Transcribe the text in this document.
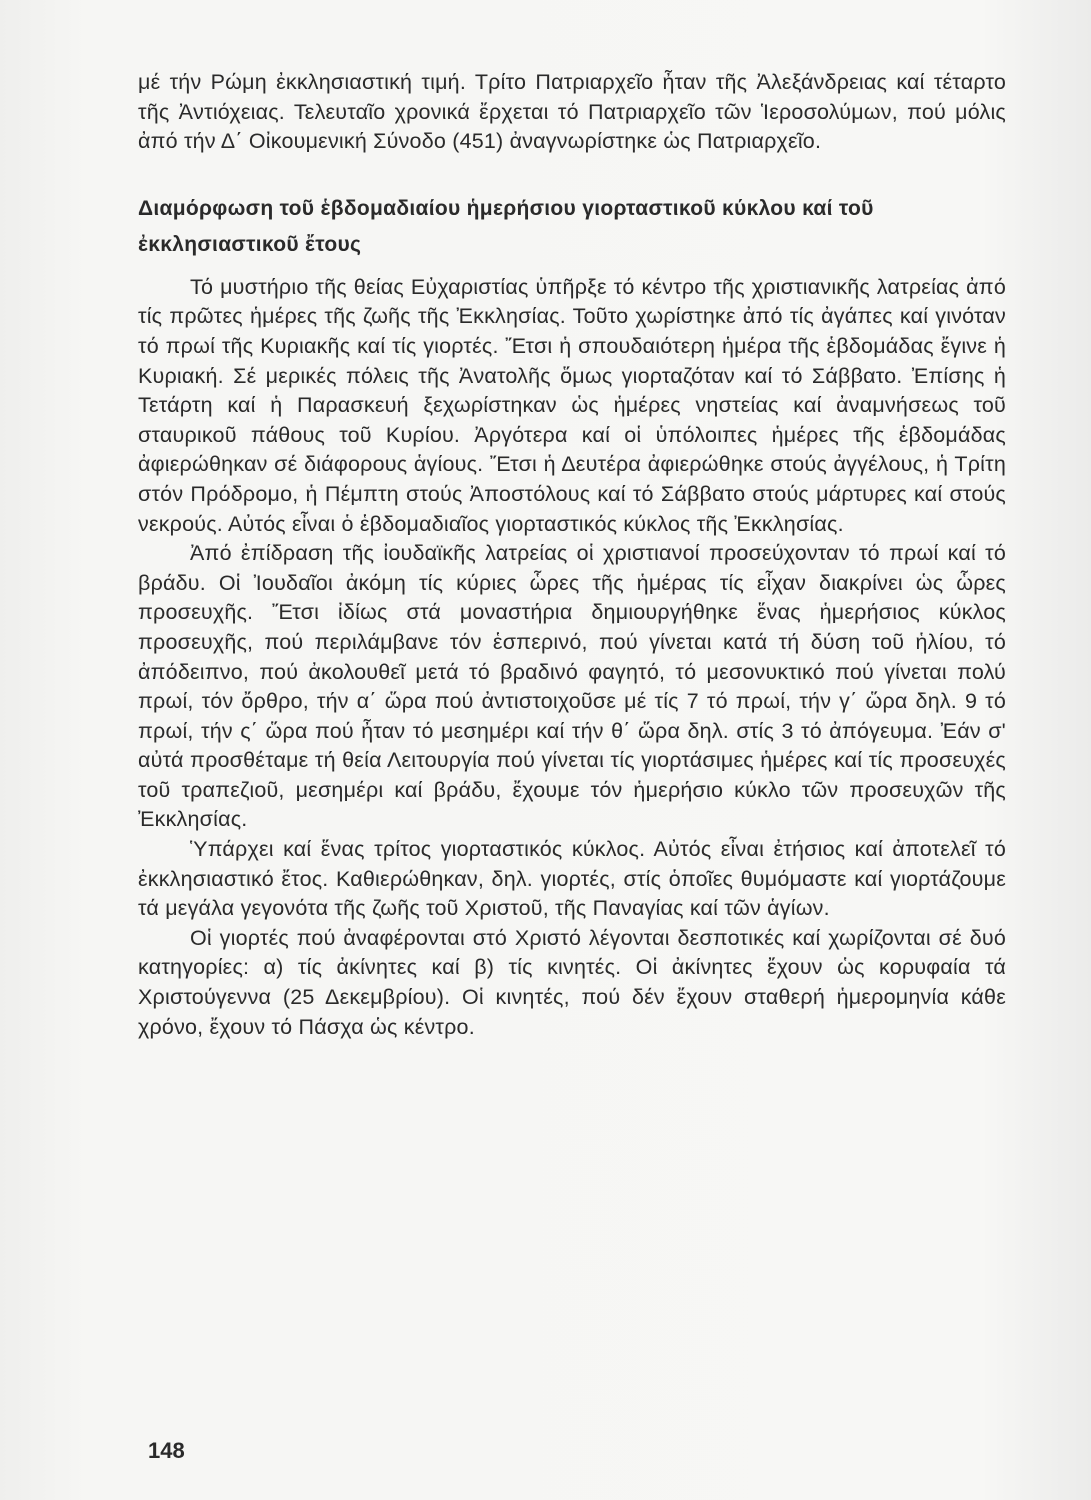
μέ τήν Ρώμη ἐκκλησιαστική τιμή. Τρίτο Πατριαρχεῖο ἦταν τῆς Ἀλεξάνδρειας καί τέταρτο τῆς Ἀντιόχειας. Τελευταῖο χρονικά ἔρχεται τό Πατριαρχεῖο τῶν Ἱεροσολύμων, πού μόλις ἀπό τήν Δ΄ Οἰκουμενική Σύνοδο (451) ἀναγνωρίστηκε ὡς Πατριαρχεῖο.

Διαμόρφωση τοῦ ἑβδομαδιαίου ἡμερήσιου γιορταστικοῦ κύκλου καί τοῦ ἐκκλησιαστικοῦ ἔτους

Τό μυστήριο τῆς θείας Εὐχαριστίας ὑπῆρξε τό κέντρο τῆς χριστιανικῆς λατρείας ἀπό τίς πρῶτες ἡμέρες τῆς ζωῆς τῆς Ἐκκλησίας. Τοῦτο χωρίστηκε ἀπό τίς ἀγάπες καί γινόταν τό πρωί τῆς Κυριακῆς καί τίς γιορτές. Ἔτσι ἡ σπουδαιότερη ἡμέρα τῆς ἑβδομάδας ἔγινε ἡ Κυριακή. Σέ μερικές πόλεις τῆς Ἀνατολῆς ὅμως γιορταζόταν καί τό Σάββατο. Ἐπίσης ἡ Τετάρτη καί ἡ Παρασκευή ξεχωρίστηκαν ὡς ἡμέρες νηστείας καί ἀναμνήσεως τοῦ σταυρικοῦ πάθους τοῦ Κυρίου. Ἀργότερα καί οἱ ὑπόλοιπες ἡμέρες τῆς ἑβδομάδας ἀφιερώθηκαν σέ διάφορους ἁγίους. Ἔτσι ἡ Δευτέρα ἀφιερώθηκε στούς ἀγγέλους, ἡ Τρίτη στόν Πρόδρομο, ἡ Πέμπτη στούς Ἀποστόλους καί τό Σάββατο στούς μάρτυρες καί στούς νεκρούς. Αὐτός εἶναι ὁ ἑβδομαδιαῖος γιορταστικός κύκλος τῆς Ἐκκλησίας.

Ἀπό ἐπίδραση τῆς ἰουδαϊκῆς λατρείας οἱ χριστιανοί προσεύχονταν τό πρωί καί τό βράδυ. Οἱ Ἰουδαῖοι ἀκόμη τίς κύριες ὧρες τῆς ἡμέρας τίς εἶχαν διακρίνει ὡς ὧρες προσευχῆς. Ἔτσι ἰδίως στά μοναστήρια δημιουργήθηκε ἕνας ἡμερήσιος κύκλος προσευχῆς, πού περιλάμβανε τόν ἑσπερινό, πού γίνεται κατά τή δύση τοῦ ἡλίου, τό ἀπόδειπνο, πού ἀκολουθεῖ μετά τό βραδινό φαγητό, τό μεσονυκτικό πού γίνεται πολύ πρωί, τόν ὄρθρο, τήν α΄ ὥρα πού ἀντιστοιχοῦσε μέ τίς 7 τό πρωί, τήν γ΄ ὥρα δηλ. 9 τό πρωί, τήν ς΄ ὥρα πού ἦταν τό μεσημέρι καί τήν θ΄ ὥρα δηλ. στίς 3 τό ἀπόγευμα. Ἐάν σ' αὐτά προσθέταμε τή θεία Λειτουργία πού γίνεται τίς γιορτάσιμες ἡμέρες καί τίς προσευχές τοῦ τραπεζιοῦ, μεσημέρι καί βράδυ, ἔχουμε τόν ἡμερήσιο κύκλο τῶν προσευχῶν τῆς Ἐκκλησίας.

Ὑπάρχει καί ἕνας τρίτος γιορταστικός κύκλος. Αὐτός εἶναι ἐτήσιος καί ἀποτελεῖ τό ἐκκλησιαστικό ἔτος. Καθιερώθηκαν, δηλ. γιορτές, στίς ὁποῖες θυμόμαστε καί γιορτάζουμε τά μεγάλα γεγονότα τῆς ζωῆς τοῦ Χριστοῦ, τῆς Παναγίας καί τῶν ἁγίων.

Οἱ γιορτές πού ἀναφέρονται στό Χριστό λέγονται δεσποτικές καί χωρίζονται σέ δυό κατηγορίες: α) τίς ἀκίνητες καί β) τίς κινητές. Οἱ ἀκίνητες ἔχουν ὡς κορυφαία τά Χριστούγεννα (25 Δεκεμβρίου). Οἱ κινητές, πού δέν ἔχουν σταθερή ἡμερομηνία κάθε χρόνο, ἔχουν τό Πάσχα ὡς κέντρο.

148
